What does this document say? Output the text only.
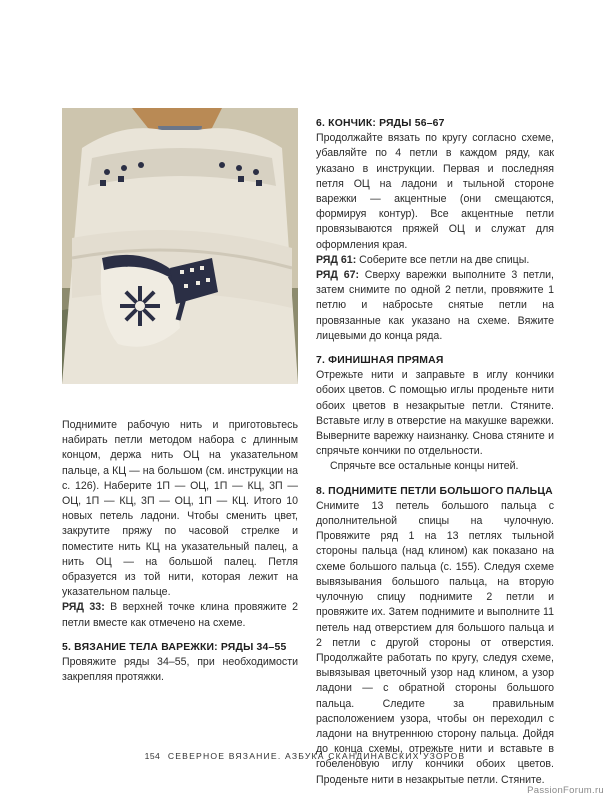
Поднимите рабочую нить и приготовьтесь набирать петли методом набора с длинным концом, держа нить ОЦ на указательном пальце, а КЦ — на большом (см. инструкции на с. 126). Наберите 1П — ОЦ, 1П — КЦ, 3П — ОЦ, 1П — КЦ, 3П — ОЦ, 1П — КЦ. Итого 10 новых петель ладони. Чтобы сменить цвет, закрутите пряжу по часовой стрелке и поместите нить КЦ на указательный палец, а нить ОЦ — на большой палец. Петля образуется из той нити, которая лежит на указательном пальце.

РЯД 33: В верхней точке клина провяжите 2 петли вместе как отмечено на схеме.

5. ВЯЗАНИЕ ТЕЛА ВАРЕЖКИ: РЯДЫ 34–55

Провяжите ряды 34–55, при необходимости закрепляя протяжки.

6. КОНЧИК: РЯДЫ 56–67

Продолжайте вязать по кругу согласно схеме, убавляйте по 4 петли в каждом ряду, как указано в инструкции. Первая и последняя петля ОЦ на ладони и тыльной стороне варежки — акцентные (они смещаются, формируя контур). Все акцентные петли провязываются пряжей ОЦ и служат для оформления края.

РЯД 61: Соберите все петли на две спицы.

РЯД 67: Сверху варежки выполните 3 петли, затем снимите по одной 2 петли, провяжите 1 петлю и набросьте снятые петли на провязанные как указано на схеме. Вяжите лицевыми до конца ряда.

7. ФИНИШНАЯ ПРЯМАЯ

Отрежьте нити и заправьте в иглу кончики обоих цветов. С помощью иглы проденьте нити обоих цветов в незакрытые петли. Стяните. Вставьте иглу в отверстие на макушке варежки. Выверните варежку наизнанку. Снова стяните и спрячьте кончики по отдельности.

Спрячьте все остальные концы нитей.

8. ПОДНИМИТЕ ПЕТЛИ БОЛЬШОГО ПАЛЬЦА

Снимите 13 петель большого пальца с дополнительной спицы на чулочную. Провяжите ряд 1 на 13 петлях тыльной стороны пальца (над клином) как показано на схеме большого пальца (с. 155). Следуя схеме вывязывания большого пальца, на вторую чулочную спицу поднимите 2 петли и провяжите их. Затем поднимите и выполните 11 петель над отверстием для большого пальца и 2 петли с другой стороны от отверстия. Продолжайте работать по кругу, следуя схеме, вывязывая цветочный узор над клином, а узор ладони — с обратной стороны большого пальца. Следите за правильным расположением узора, чтобы он переходил с ладони на внутреннюю сторону пальца. Дойдя до конца схемы, отрежьте нити и вставьте в гобеленовую иглу кончики обоих цветов. Проденьте нити в незакрытые петли. Стяните.

154 СЕВЕРНОЕ ВЯЗАНИЕ. АЗБУКА СКАНДИНАВСКИХ УЗОРОВ
PassionForum.ru
